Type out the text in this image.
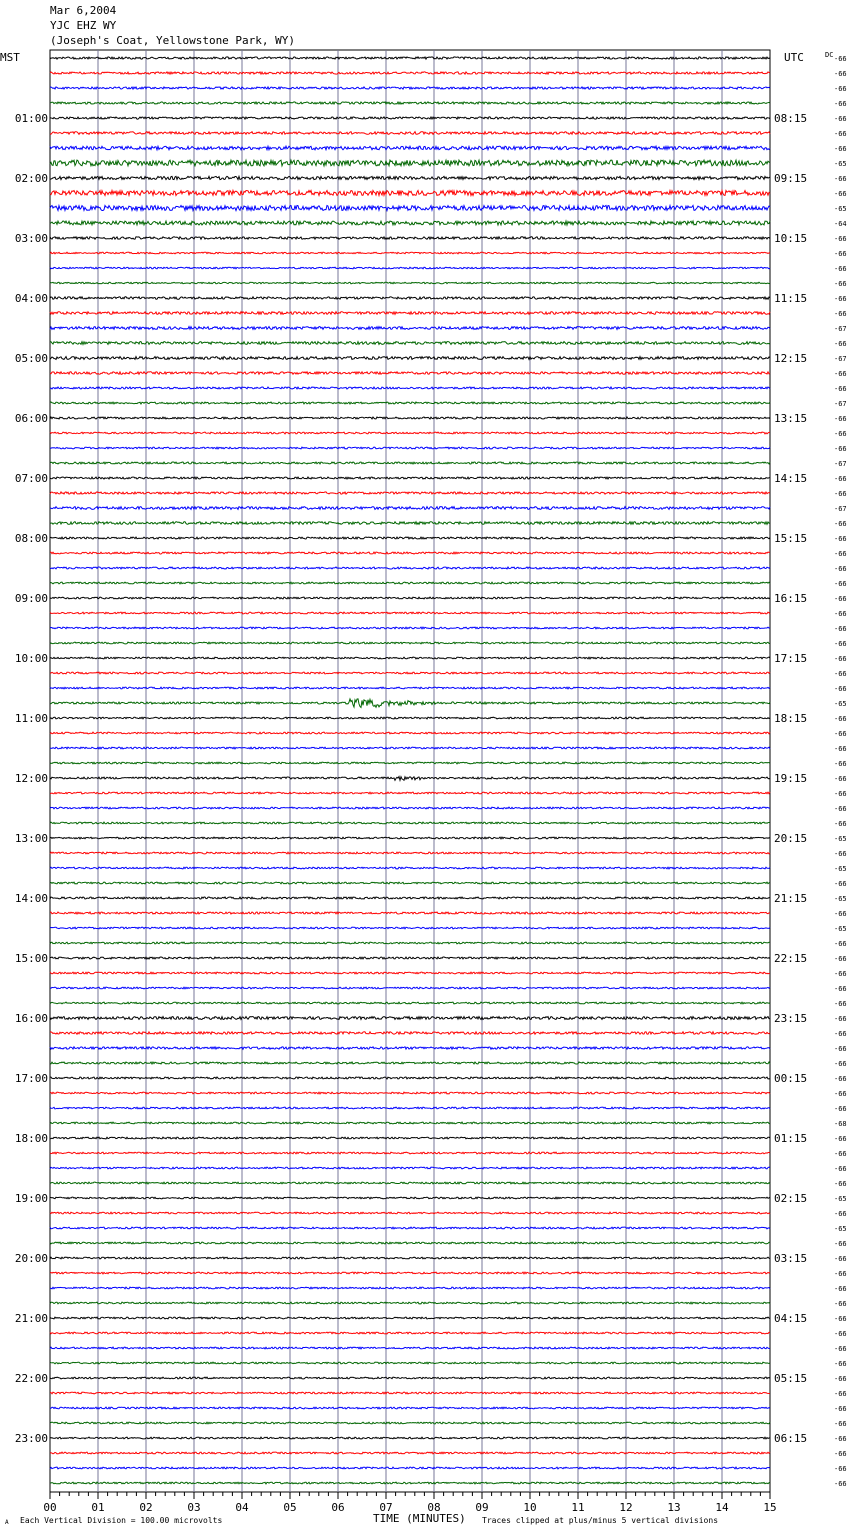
Mar 6,2004
YJC EHZ WY
(Joseph's Coat, Yellowstone Park, WY)
-66
-66
-66
-66
-66
-66
-66
-65
-66
-66
-65
-64
-66
-66
-66
-66
-66
-66
-67
-66
-67
-66
-66
-67
-66
-66
-66
-67
-66
-66
-67
-66
-66
-66
-66
-66
-66
-66
-66
-66
-66
-66
-66
-65
-66
-66
-66
-66
-66
-66
-66
-66
-65
-66
-65
-66
-65
-66
-65
-66
-66
-66
-66
-66
-66
-66
-66
-66
-66
-66
-66
-68
-66
-66
-66
-66
-65
-66
-65
-66
-66
-66
-66
-66
-66
-66
-66
-66
-66
-66
-66
-66
-66
-66
-66
-66
01:00
02:00
03:00
04:00
05:00
06:00
07:00
08:00
09:00
10:00
11:00
12:00
13:00
14:00
15:00
16:00
17:00
18:00
19:00
20:00
21:00
22:00
23:00
08:15
09:15
10:15
11:15
12:15
13:15
14:15
15:15
16:15
17:15
18:15
19:15
20:15
21:15
22:15
23:15
00:15
01:15
02:15
03:15
04:15
05:15
06:15
MST	UTC	DC
00	01	02	03	04	05	06	07	08	09	10	11	12	13	14	15
A Each Vertical Division = 100.00 microvolts	TIME (MINUTES) Traces clipped at plus/minus 5 vertical divisions
